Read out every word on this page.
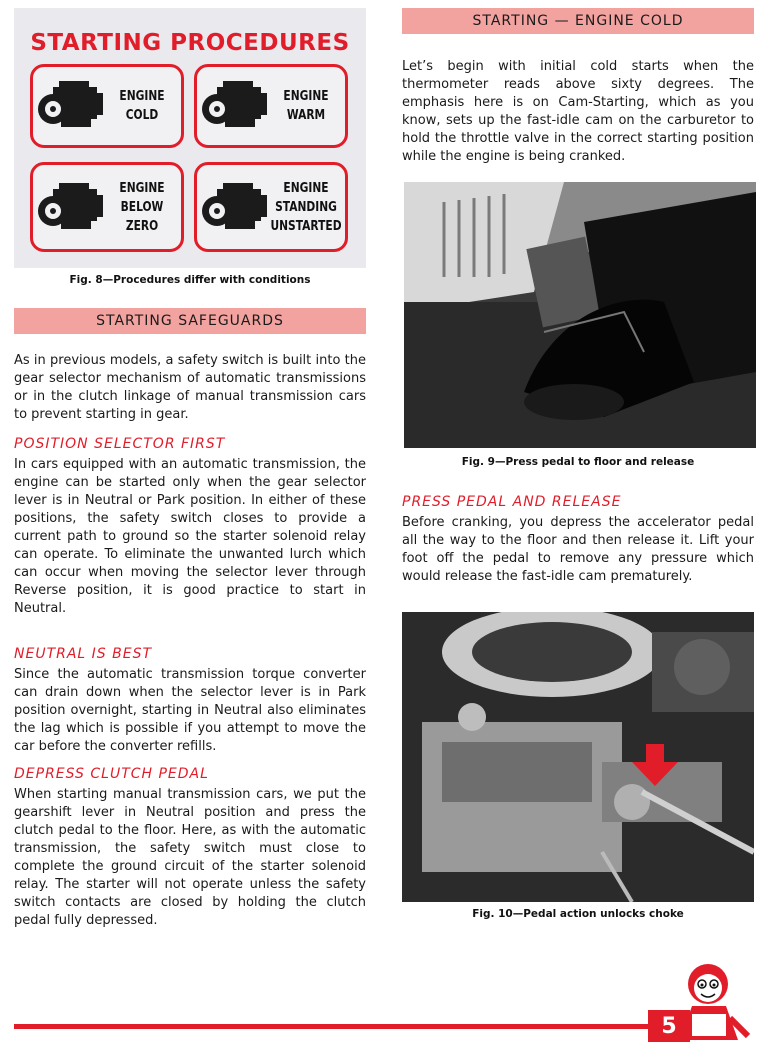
STARTING PROCEDURES
ENGINE
COLD
ENGINE
WARM
ENGINE
BELOW
ZERO
ENGINE
STANDING
UNSTARTED
Fig. 8—Procedures differ with conditions
STARTING SAFEGUARDS

As in previous models, a safety switch is built into the gear selector mechanism of automatic transmissions or in the clutch linkage of manual transmission cars to prevent starting in gear.

POSITION SELECTOR FIRST

In cars equipped with an automatic transmission, the engine can be started only when the gear selector lever is in Neutral or Park position. In either of these positions, the safety switch closes to provide a current path to ground so the starter solenoid relay can operate. To eliminate the unwanted lurch which can occur when moving the selector lever through Reverse position, it is good practice to start in Neutral.

NEUTRAL IS BEST

Since the automatic transmission torque converter can drain down when the selector lever is in Park position overnight, starting in Neutral also eliminates the lag which is possible if you attempt to move the car before the converter refills.

DEPRESS CLUTCH PEDAL

When starting manual transmission cars, we put the gearshift lever in Neutral position and press the clutch pedal to the floor. Here, as with the automatic transmission, the safety switch must close to complete the ground circuit of the starter solenoid relay. The starter will not operate unless the safety switch contacts are closed by holding the clutch pedal fully depressed.

STARTING — ENGINE COLD

Let’s begin with initial cold starts when the thermometer reads above sixty degrees. The emphasis here is on Cam-Starting, which as you know, sets up the fast-idle cam on the carburetor to hold the throttle valve in the correct starting position while the engine is being cranked.

Fig. 9—Press pedal to floor and release

PRESS PEDAL AND RELEASE

Before cranking, you depress the accelerator pedal all the way to the floor and then release it. Lift your foot off the pedal to remove any pressure which would release the fast-idle cam prematurely.

Fig. 10—Pedal action unlocks choke
5
